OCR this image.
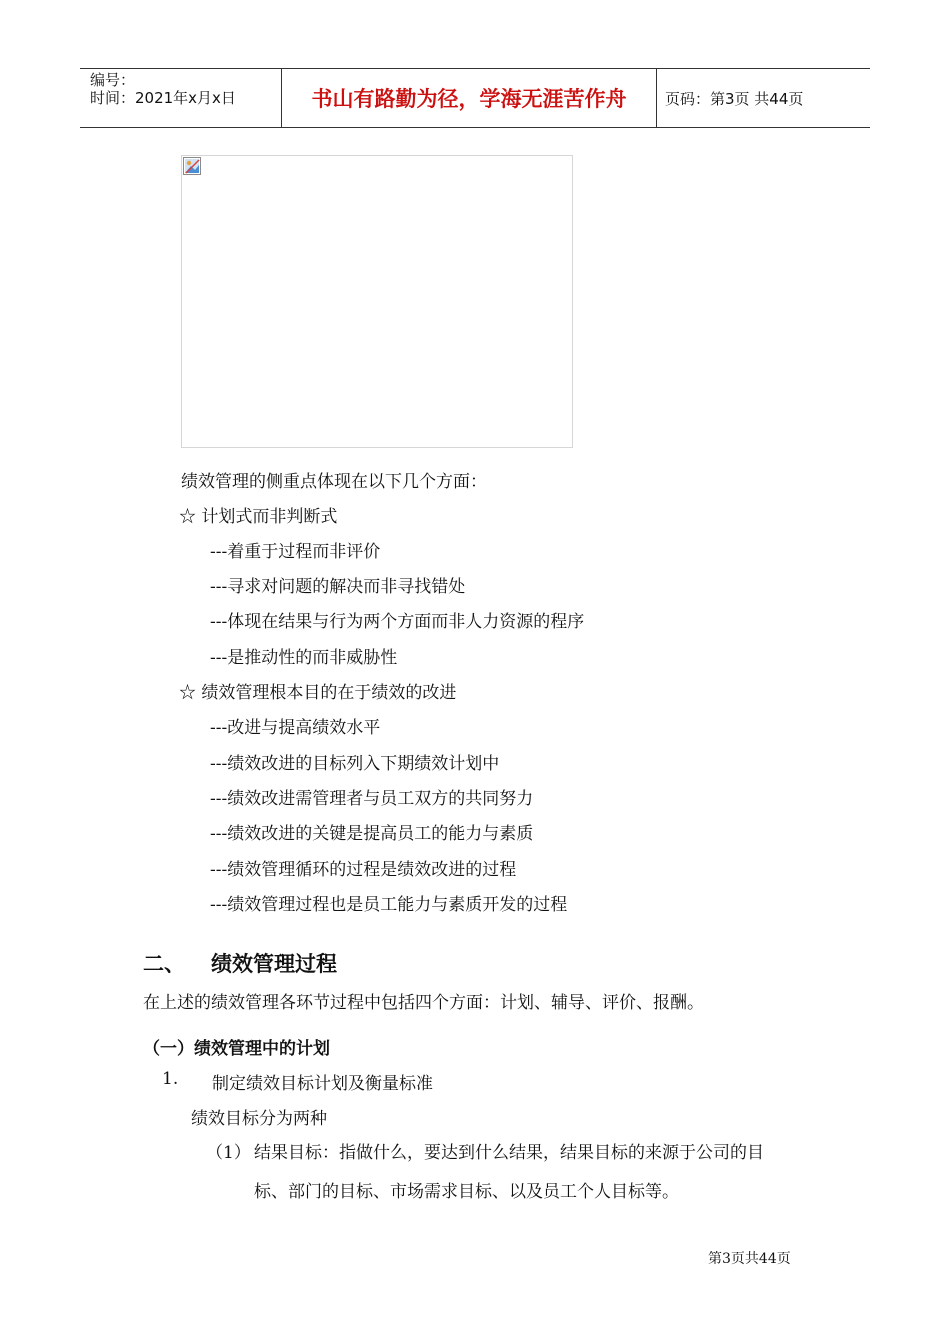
编号：
时间：2021年x月x日	书山有路勤为径，学海无涯苦作舟	页码：第3页 共44页
绩效管理的侧重点体现在以下几个方面：
☆ 计划式而非判断式
---着重于过程而非评价
---寻求对问题的解决而非寻找错处
---体现在结果与行为两个方面而非人力资源的程序
---是推动性的而非威胁性
☆ 绩效管理根本目的在于绩效的改进
---改进与提高绩效水平
---绩效改进的目标列入下期绩效计划中
---绩效改进需管理者与员工双方的共同努力
---绩效改进的关键是提高员工的能力与素质
---绩效管理循环的过程是绩效改进的过程
---绩效管理过程也是员工能力与素质开发的过程
二、 绩效管理过程
在上述的绩效管理各环节过程中包括四个方面：计划、辅导、评价、报酬。
（一）绩效管理中的计划
1. 制定绩效目标计划及衡量标准
绩效目标分为两种
（1） 结果目标：指做什么，要达到什么结果，结果目标的来源于公司的目
标、部门的目标、市场需求目标、以及员工个人目标等。
第3页共44页
